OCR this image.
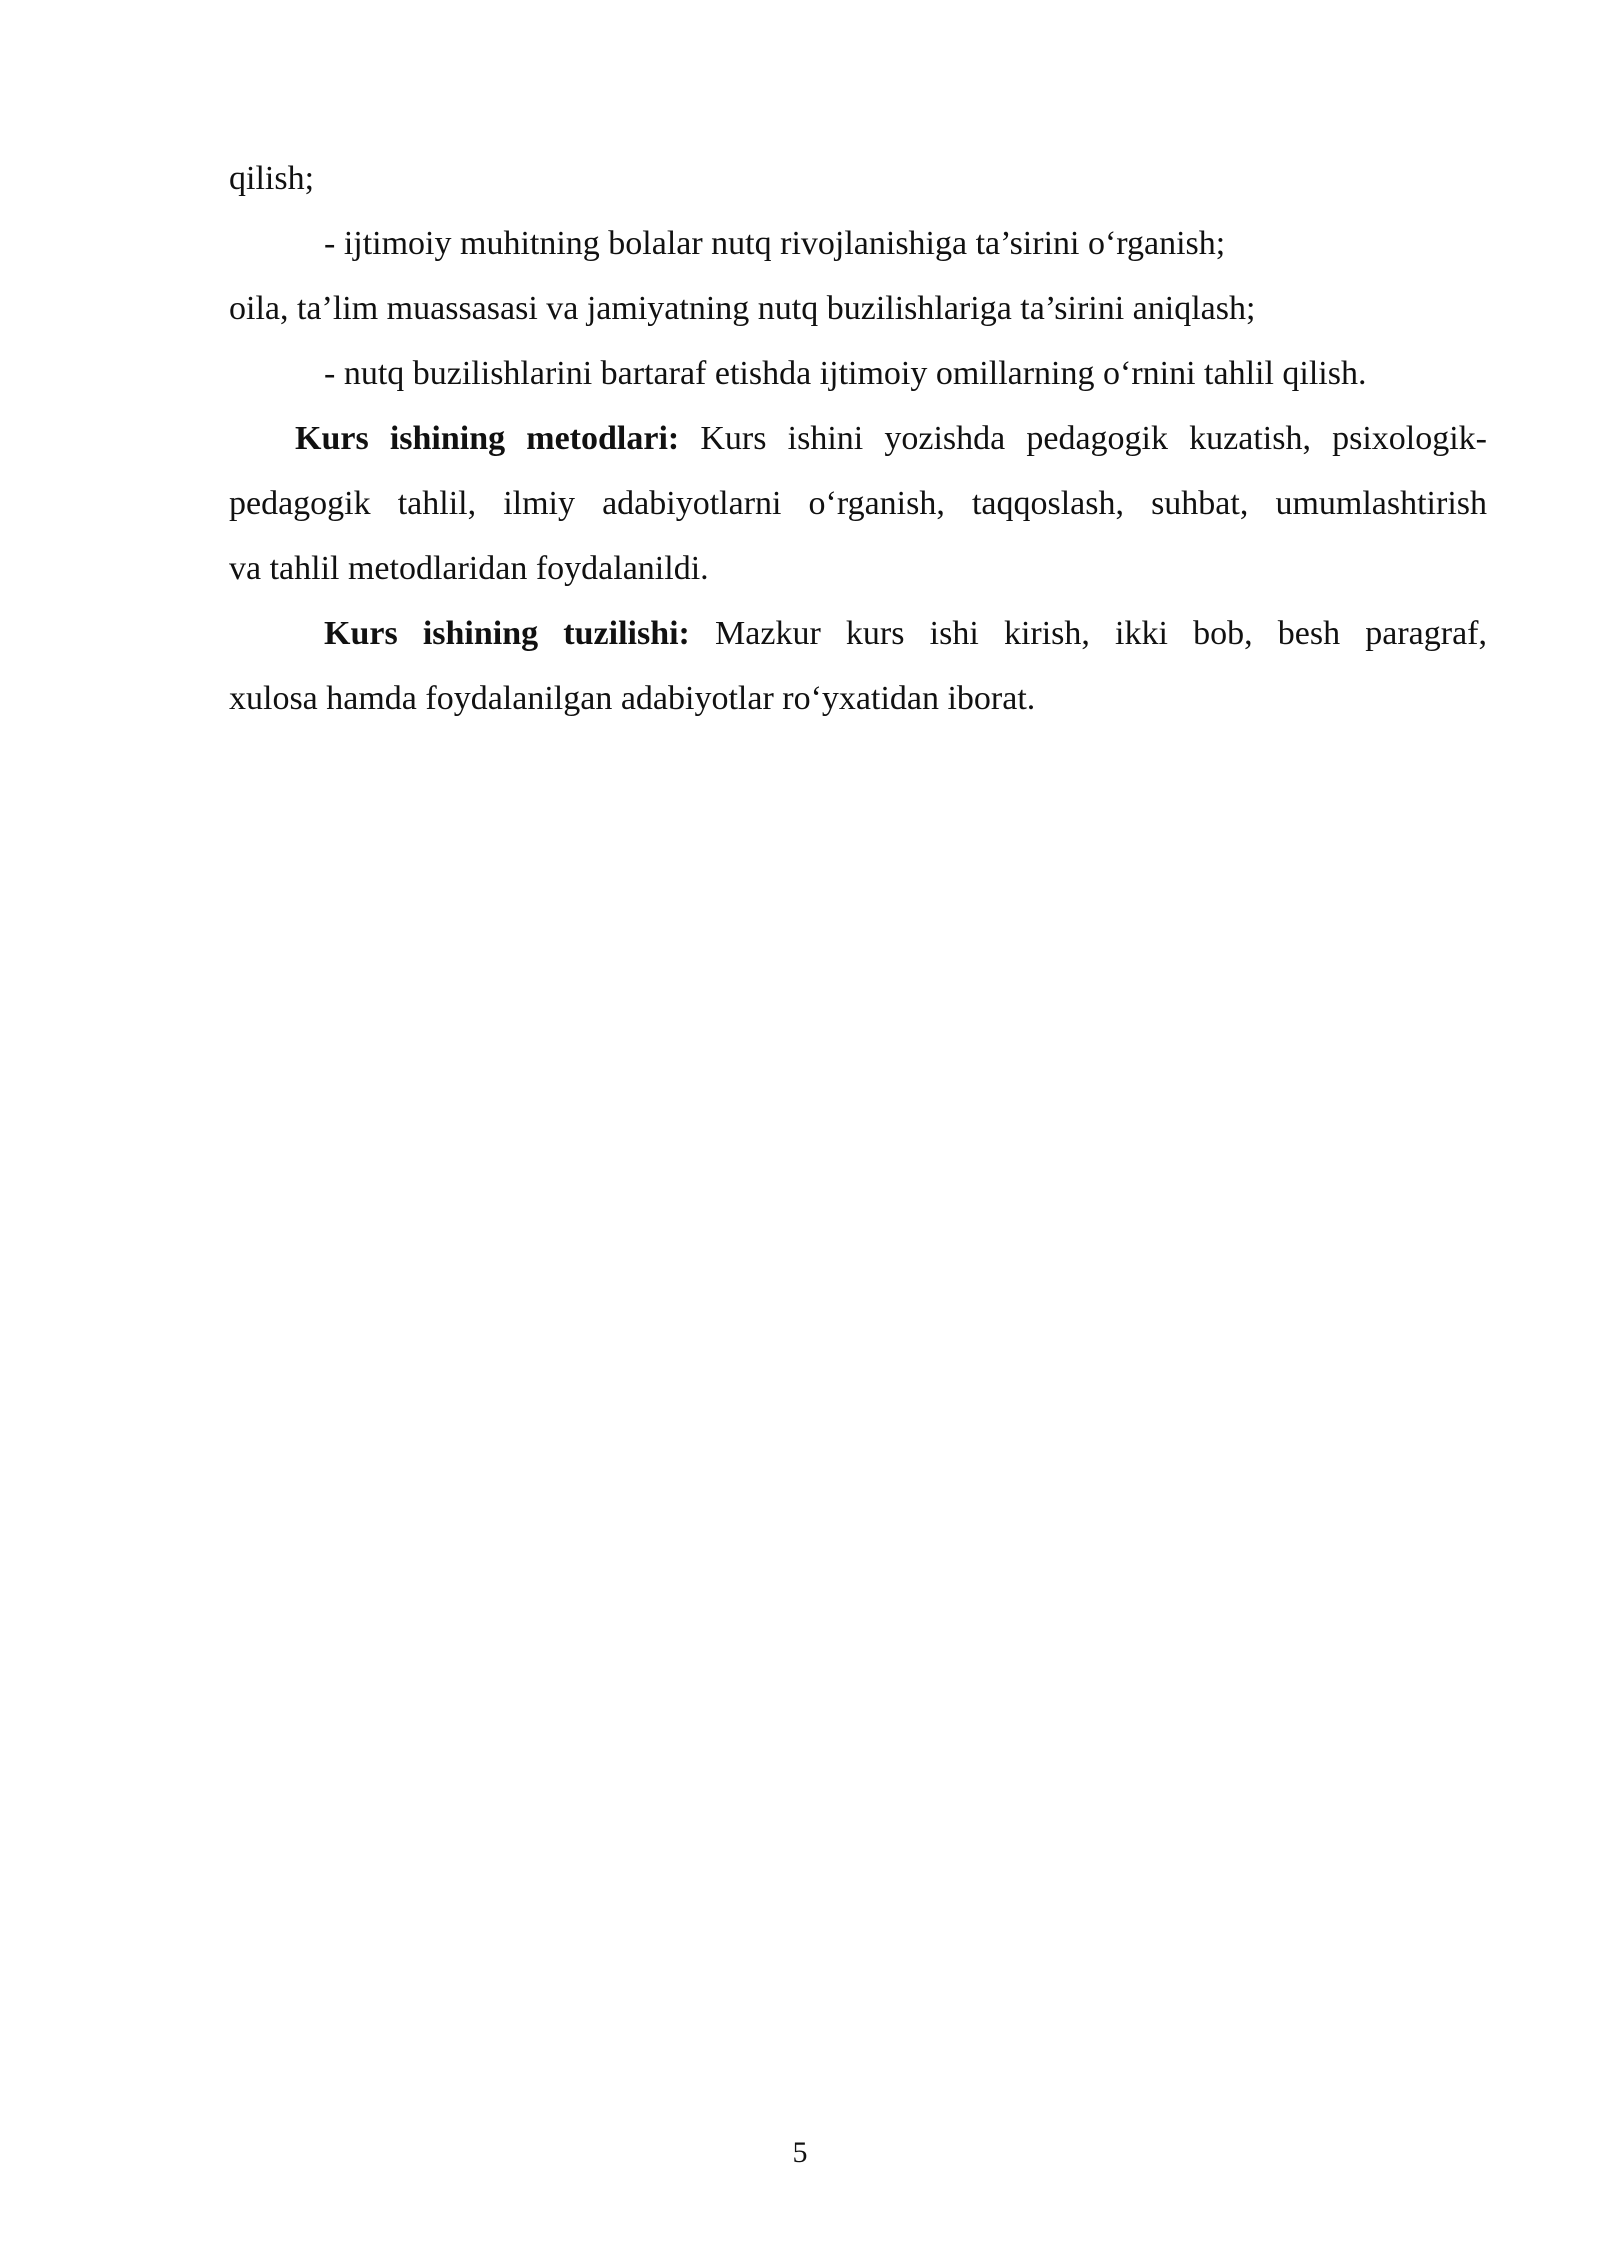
qilish;

- ijtimoiy muhitning bolalar nutq rivojlanishiga ta’sirini o‘rganish;

oila, ta’lim muassasasi va jamiyatning nutq buzilishlariga ta’sirini aniqlash;

- nutq buzilishlarini bartaraf etishda ijtimoiy omillarning o‘rnini tahlil qilish.

Kurs ishining metodlari: Kurs ishini yozishda pedagogik kuzatish, psixologik-

pedagogik tahlil, ilmiy adabiyotlarni o‘rganish, taqqoslash, suhbat, umumlashtirish

va tahlil metodlaridan foydalanildi.

Kurs ishining tuzilishi: Mazkur kurs ishi kirish, ikki bob, besh paragraf,

xulosa hamda foydalanilgan adabiyotlar ro‘yxatidan iborat.

5
